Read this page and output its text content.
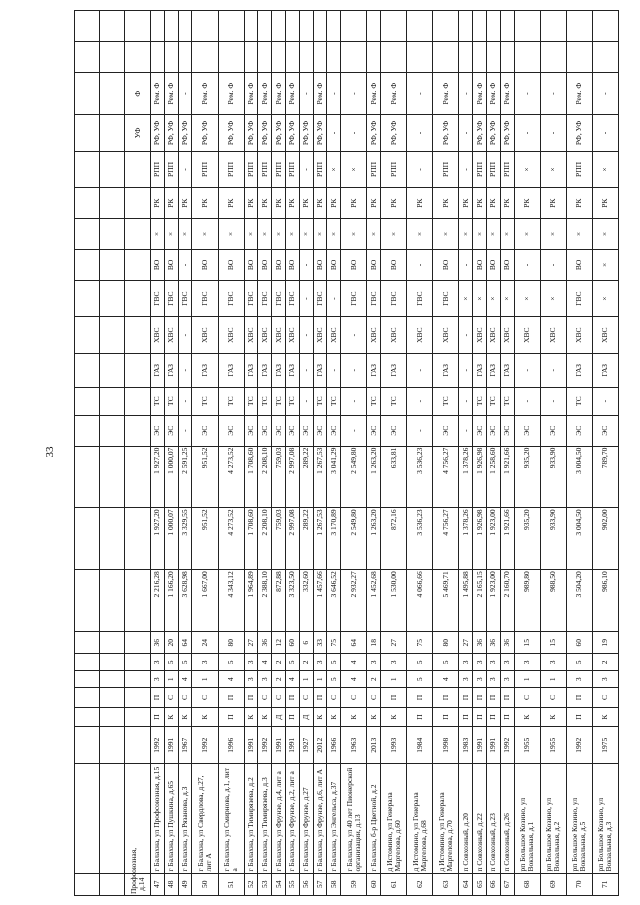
33

Профсоюзная, д.14																				УФ	Ф		
47	г Балахна, ул Профсоюзная, д.15	1992	П	П	3	3	36	2 216,28	1 927,20	1 927,20	ЭС	ТС	ГАЗ	ХВС	ГВС	ВО	×	РК	РПП	РФ, УФ	Рем. Ф		
48	г Балахна, ул Пушкина, д.65	1991	К	С	1	5	20	1 166,20	1 000,07	1 000,07	ЭС	ТС	ГАЗ	ХВС	ГВС	ВО	×	РК	РПП	РФ, УФ	Рем. Ф		
49	г Балахна, ул Рязанова, д.3	1967	К	С	4	5	64	3 628,98	3 329,55	2 591,25	-	-	-	-	ГВС	-	×	РК	-	РФ, УФ	-		
50	г Балахна, ул Свердлова, д.27, лит А	1992	К	С	1	3	24	1 667,00	951,52	951,52	ЭС	ТС	ГАЗ	ХВС	ГВС	ВО	×	РК	РПП	РФ, УФ	Рем. Ф		
51	г Балахна, ул Смирнова, д.1, лит а	1996	П	П	4	5	80	4 343,12	4 273,52	4 273,52	ЭС	ТС	ГАЗ	ХВС	ГВС	ВО	×	РК	РПП	РФ, УФ	Рем. Ф		
52	г Балахна, ул Тимирязева, д.2	1991	К	П	3	3	27	1 964,89	1 708,60	1 708,60	ЭС	ТС	ГАЗ	ХВС	ГВС	ВО	×	РК	РПП	РФ, УФ	Рем. Ф		
53	г Балахна, ул Тимирязева, д.3	1992	К	С	3	4	36	2 388,10	2 208,10	2 208,10	ЭС	ТС	ГАЗ	ХВС	ГВС	ВО	×	РК	РПП	РФ, УФ	Рем. Ф		
54	г Балахна, ул Фрунзе, д.4, лит а	1991	Д	С	2	2	12	872,88	759,03	759,03	ЭС	ТС	ГАЗ	ХВС	ГВС	ВО	×	РК	РПП	РФ, УФ	Рем. Ф		
55	г Балахна, ул Фрунзе, д.2, лит а	1991	П	П	4	5	60	3 323,50	2 997,08	2 997,08	ЭС	ТС	ГАЗ	ХВС	ГВС	ВО	×	РК	РПП	РФ, УФ	Рем. Ф		
56	г Балахна, ул Фрунзе, д.27	1927	Д	С	1	2	6	332,60	289,22	289,22	ЭС	-	-	-	-	-	×	РК	-	РФ, УФ	-		
57	г Балахна, ул Фрунзе, д.6, лит А	2012	К	П	1	3	33	1 457,66	1 267,53	1 267,53	ЭС	ТС	ГАЗ	ХВС	ГВС	ВО	×	РК	РПП	РФ, УФ	Рем. Ф		
58	г Балахна, ул Энгельса, д.37	1966	К	С	5	5	75	3 646,52	3 170,89	3 041,29	ЭС	ТС	-	ХВС	-	ВО	×	РК	×	-	-		
59	г Балахна, ул 40 лет Пионерской организации, д.13	1963	К	С	4	4	64	2 932,27	2 549,80	2 549,80	-	-	-	-	ГВС	ВО	×	РК	×	-	-		
60	г Балахна, б-р Цветной, д.2	2013	К	С	2	3	18	1 452,68	1 263,20	1 263,20	ЭС	ТС	ГАЗ	ХВС	ГВС	ВО	×	РК	РПП	РФ, УФ	Рем. Ф		
61	д Истомино, ул Генерала Маргелова, д.60	1993	К	П	1	3	27	1 530,00	872,16	633,81	ЭС	ТС	ГАЗ	ХВС	ГВС	ВО	×	РК	РПП	РФ, УФ	Рем. Ф		
62	д Истомино, ул Генерала Маргелова, д.68	1984	П	П	5	5	75	4 066,66	3 536,23	3 536,23	-	-	-	ХВС	ГВС	-	×	РК	-	-	-		
63	д Истомино, ул Генерала Маргелова, д.70	1998	П	П	4	5	80	5 469,71	4 756,27	4 756,27	ЭС	ТС	ГАЗ	ХВС	ГВС	ВО	×	РК	РПП	РФ, УФ	Рем. Ф		
64	п Совхозный, д.20	1983	П	П	3	3	27	1 495,88	1 378,26	1 378,26	-	-	-	-	×	-	×	РК	-	-	-		
65	п Совхозный, д.22	1991	П	П	3	3	36	2 165,15	1 926,98	1 926,98	ЭС	ТС	ГАЗ	ХВС	×	ВО	×	РК	РПП	РФ, УФ	Рем. Ф		
66	п Совхозный, д.23	1991	П	П	3	3	36	1 923,00	1 923,00	1 258,60	ЭС	ТС	ГАЗ	ХВС	×	ВО	×	РК	РПП	РФ, УФ	Рем. Ф		
67	п Совхозный, д.26	1992	П	П	3	3	36	2 160,70	1 921,66	1 921,66	ЭС	ТС	ГАЗ	ХВС	×	ВО	×	РК	РПП	РФ, УФ	Рем. Ф		
68	рп Большое Козино, ул Вокзальная, д.1	1955	К	С	1	3	15	989,80	935,20	935,20	ЭС	-	-	ХВС	×	-	×	РК	×	-	-		
69	рп Большое Козино, ул Вокзальная, д.2	1955	К	С	1	3	15	988,50	933,90	933,90	ЭС	-	-	ХВС	×	-	×	РК	×	-	-		
70	рп Большое Козино, ул Вокзальная, д.5	1992	П	П	3	5	60	3 504,20	3 004,50	3 004,50	ЭС	ТС	ГАЗ	ХВС	ГВС	ВО	×	РК	РПП	РФ, УФ	Рем. Ф		
71	рп Большое Козино, ул Вокзальная, д.3	1975	К	С	3	2	19	986,10	902,00	789,70	ЭС	-	ГАЗ	ХВС	×	×	×	РК	×	-	-		
